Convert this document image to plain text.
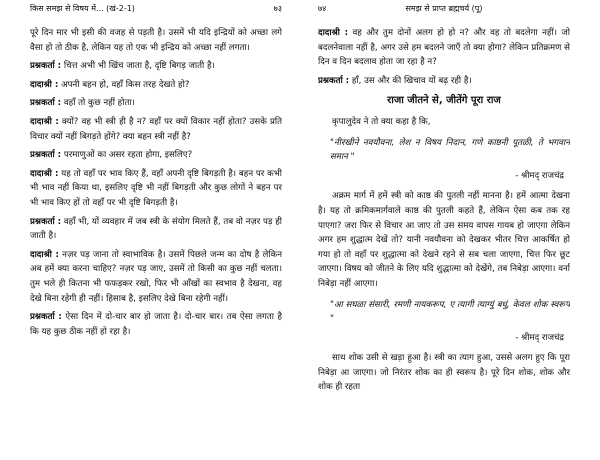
किस समझ से विषय में... (खं-2-1)	७३

पूरे दिन मार भी इसी की वजह से पड़ती है। उसमें भी यदि इन्द्रियों को अच्छा लगे वैसा हो तो ठीक है, लेकिन यह तो एक भी इन्द्रिय को अच्छा नहीं लगता।

प्रश्नकर्ता : चित्त अभी भी खिंच जाता है, दृष्टि बिगड़ जाती है।

दादाश्री : अपनी बहन हो, वहाँ किस तरह देखते हो?

प्रश्नकर्ता : वहाँ तो कुछ नहीं होता।

दादाश्री : क्यों? वह भी स्त्री ही है न? वहाँ पर क्यों विकार नहीं होता? उसके प्रति विचार क्यों नहीं बिगड़ते होंगे? क्या बहन स्त्री नहीं है?

प्रश्नकर्ता : परमाणुओं का असर रहता होगा, इसलिए?

दादाश्री : यह तो वहाँ पर भाव किए हैं, वहाँ अपनी दृष्टि बिगड़ती है। बहन पर कभी भी भाव नहीं किया था, इसलिए दृष्टि भी नहीं बिगड़ती और कुछ लोगों ने बहन पर भी भाव किए हों तो वहाँ पर भी दृष्टि बिगड़ती है।

प्रश्नकर्ता : वहाँ भी, यों व्यवहार में जब स्त्री के संयोग मिलते हैं, तब वो नज़र पड़ ही जाती है।

दादाश्री : नज़र पड़ जाना तो स्वाभाविक है। उसमें पिछले जन्म का दोष है लेकिन अब हमें क्या करना चाहिए? नज़र पड़ जाए, उसमें तो किसी का कुछ नहीं चलता। तुम भले ही कितना भी फफड़कर रखो, फिर भी आँखों का स्वभाव है देखना, वह देखे बिना रहेगी ही नहीं। हिसाब है, इसलिए देखे बिना रहेगी नहीं।

प्रश्नकर्ता : ऐसा दिन में दो-चार बार हो जाता है। दो-चार बार। तब ऐसा लगता है कि यह कुछ ठीक नहीं हो रहा है।

७४	समझ से प्राप्त ब्रह्मचर्य (पू)

दादाश्री : वह और तुम दोनों अलग हो हो न? और वह तो बदलेगा नहीं। जो बदलनेवाला नहीं है, अगर उसे हम बदलने जाएँ तो क्या होगा? लेकिन प्रतिक्रमण से दिन व दिन बदलाव होता जा रहा है न?

प्रश्नकर्ता : हाँ, उस और की खिचाव यों बढ़ रही है।

राजा जीतने से, जीतेंगे पूरा राज

कृपालुदेव ने तो क्या कहा है कि,

"नीरखीने नवयौवना, लेश न विषय निदान, गणे काष्ठनी पूतळी, ते भगवान समान "
- श्रीमद् राजचंद्र

अक्रम मार्ग में हमें स्त्री को काष्ठ की पुतली नहीं मानना है। हमें आत्मा देखना है। यह तो क्रमिकमार्गवाले काष्ठ की पुतली कहते हैं, लेकिन ऐसा कब तक रह पाएगा? जरा फिर से विचार आ जाए तो उस समय वापस गायब हो जाएगा लेकिन अगर हम शुद्धात्म देखें तो? यानी नवयौवना को देखकर भीतर चित्त आकर्षित हो गया हो तो वहाँ पर शुद्धात्मा को देखने रहने से सब चला जाएगा, चित्त फिर छूट जाएगा। विषय को जीतने के लिए यदि शुद्धात्मा को देखेंगे, तब निबेड़ा आएगा। वर्ना निबेड़ा नहीं आएगा।

"आ सघळा संसारी, रमणी नायकरूप, ए त्यागी त्याग्युं बधुं, केवल शोक स्वरूप "
- श्रीमद् राजचंद्र

साथ शोक उसी से खड़ा हुआ है। स्त्री का त्याग हुआ, उससे अलग हुए कि पूरा निबेड़ा आ जाएगा। जो निरंतर शोक का ही स्वरूप है। पूरे दिन शोक, शोक और शोक ही रहता
